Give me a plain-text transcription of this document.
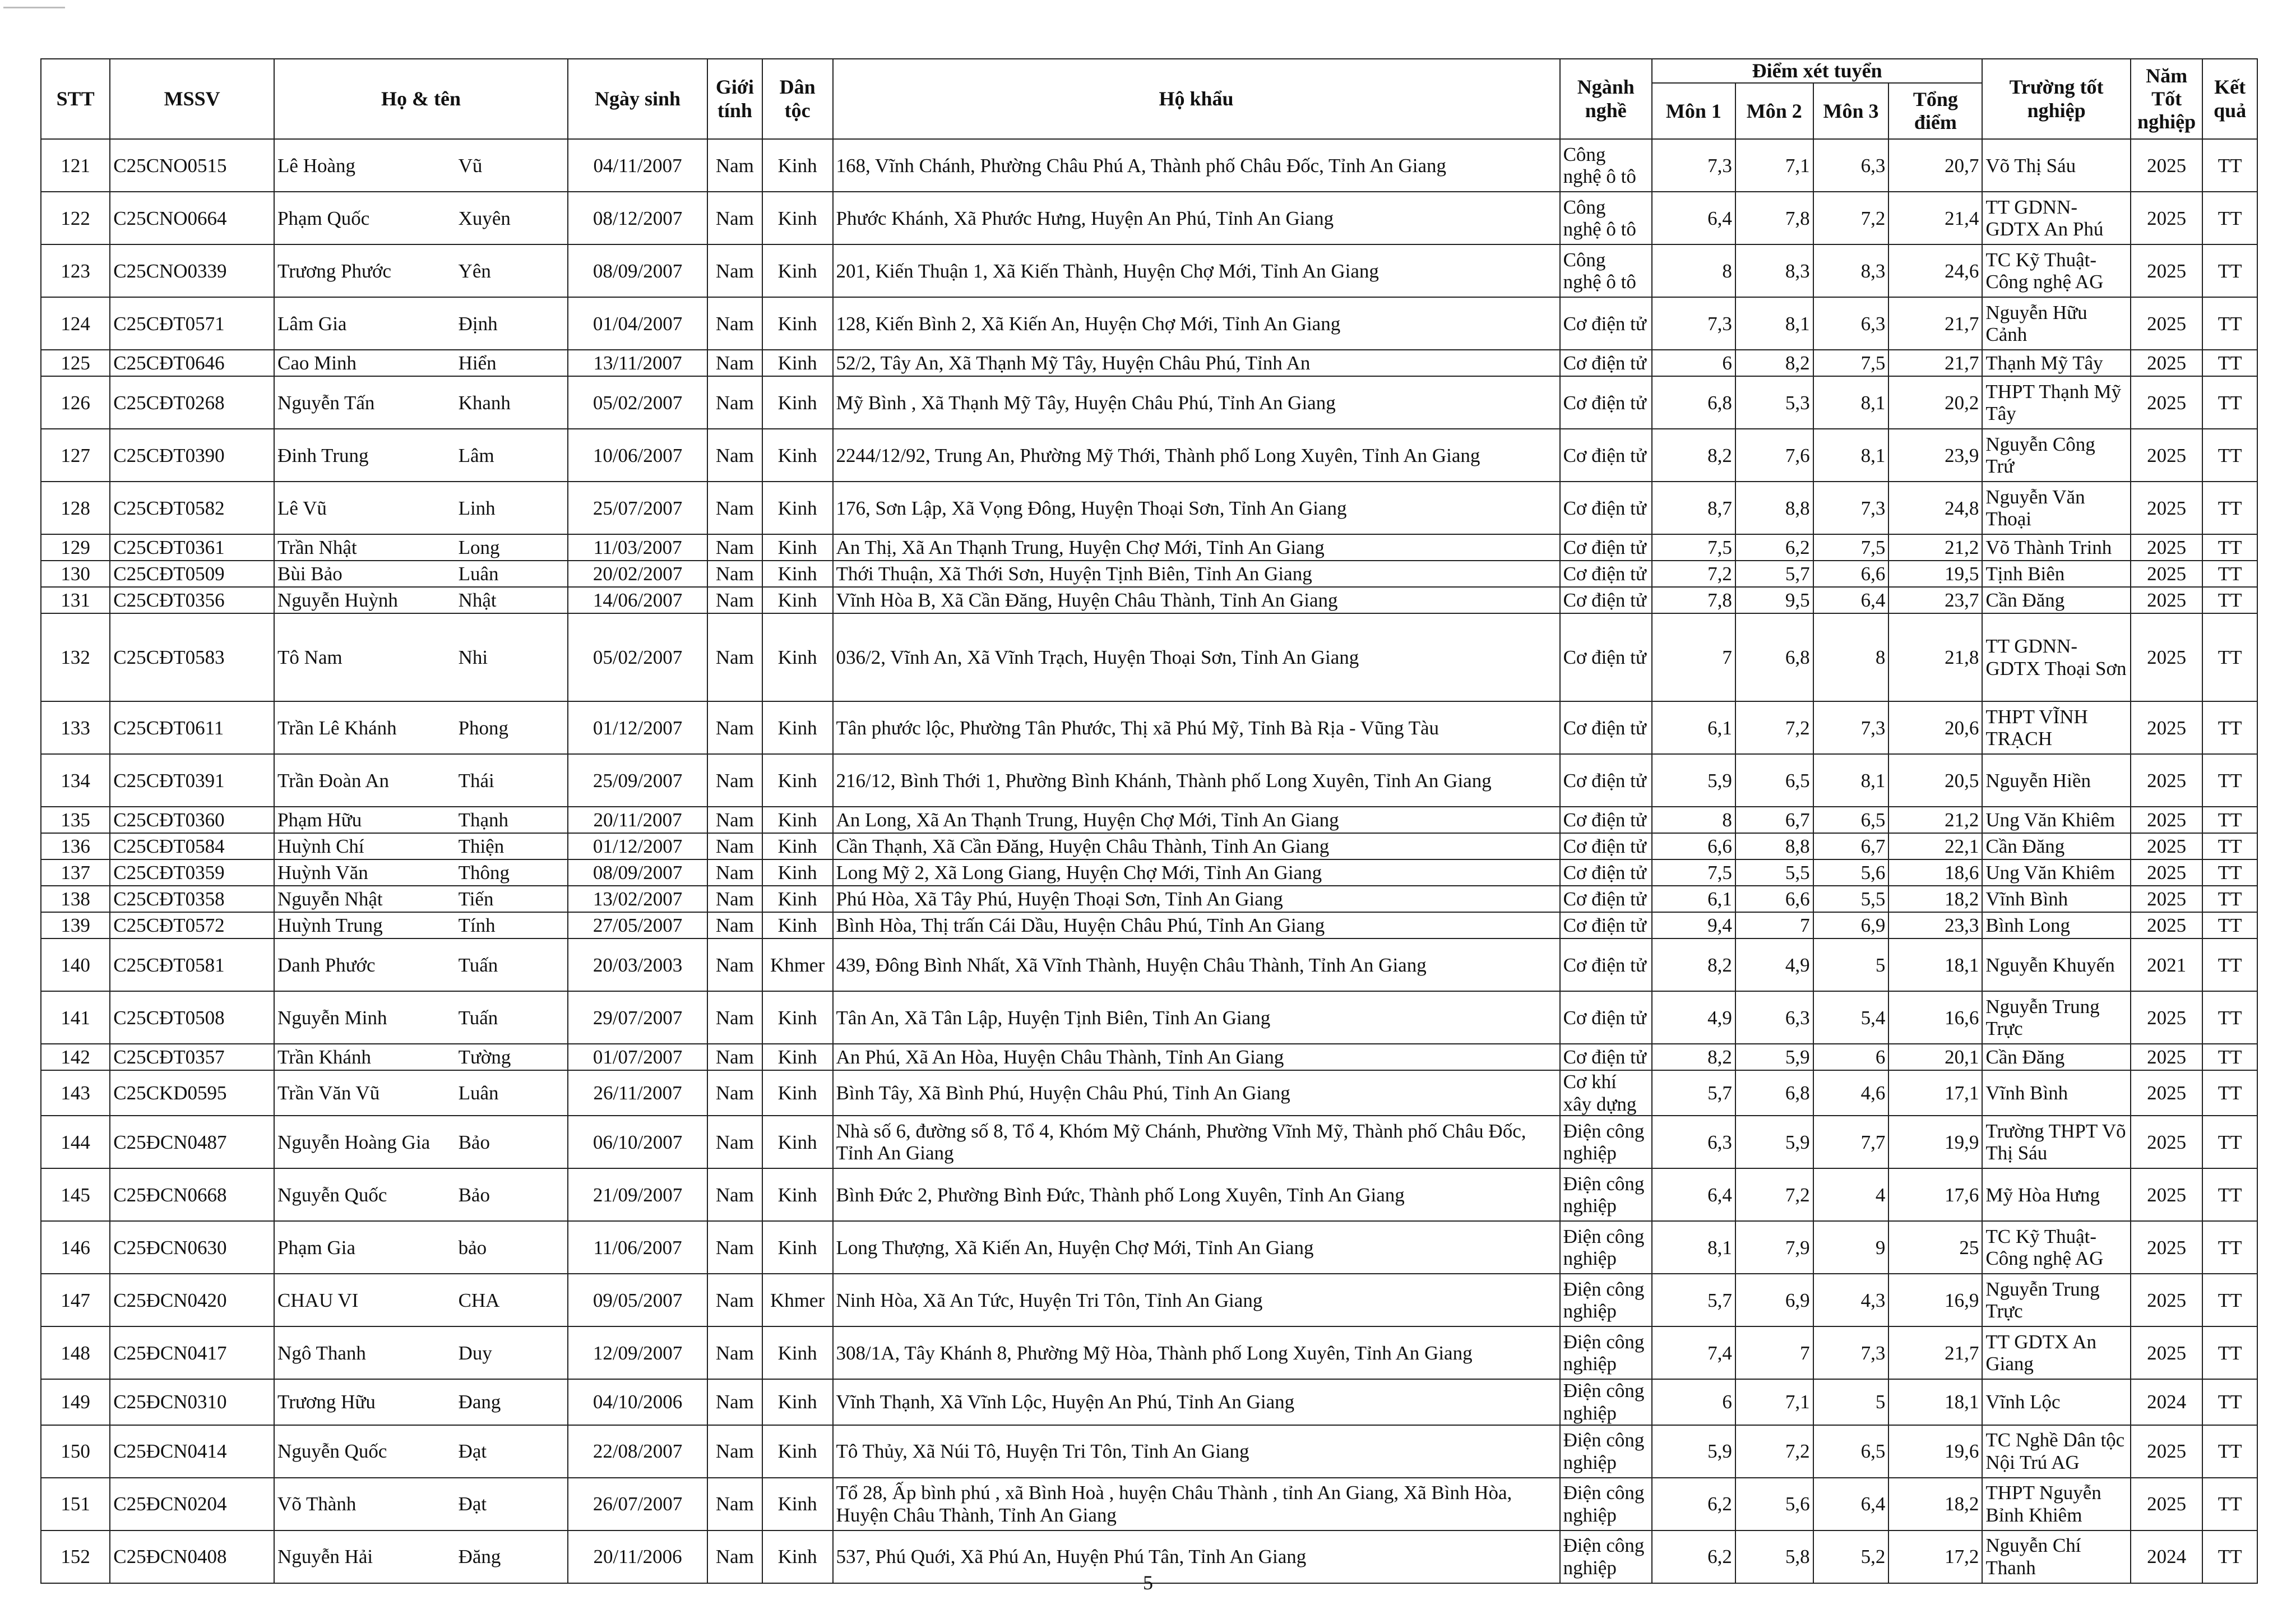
STT	MSSV	Họ & tên	Ngày sinh	Giới tính	Dân tộc	Hộ khẩu	Ngành nghề	Điểm xét tuyển				Trường tốt nghiệp	Năm Tốt nghiệp	Kết quả
								Môn 1	Môn 2	Môn 3	Tổng điểm			
121	C25CNO0515	Lê Hoàng Vũ	04/11/2007	Nam	Kinh	168, Vĩnh Chánh, Phường Châu Phú A, Thành phố Châu Đốc, Tỉnh An Giang	Công nghệ ô tô	7,3	7,1	6,3	20,7	Võ Thị Sáu	2025	TT
122	C25CNO0664	Phạm Quốc Xuyên	08/12/2007	Nam	Kinh	Phước Khánh, Xã Phước Hưng, Huyện An Phú, Tỉnh An Giang	Công nghệ ô tô	6,4	7,8	7,2	21,4	TT GDNN-GDTX An Phú	2025	TT
123	C25CNO0339	Trương Phước Yên	08/09/2007	Nam	Kinh	201, Kiến Thuận 1, Xã Kiến Thành, Huyện Chợ Mới, Tỉnh An Giang	Công nghệ ô tô	8	8,3	8,3	24,6	TC Kỹ Thuật-Công nghệ AG	2025	TT
124	C25CĐT0571	Lâm Gia Định	01/04/2007	Nam	Kinh	128, Kiến Bình 2, Xã Kiến An, Huyện Chợ Mới, Tỉnh An Giang	Cơ điện tử	7,3	8,1	6,3	21,7	Nguyễn Hữu Cảnh	2025	TT
125	C25CĐT0646	Cao Minh Hiển	13/11/2007	Nam	Kinh	52/2, Tây An, Xã Thạnh Mỹ Tây, Huyện Châu Phú, Tỉnh An	Cơ điện tử	6	8,2	7,5	21,7	Thạnh Mỹ Tây	2025	TT
126	C25CĐT0268	Nguyễn Tấn Khanh	05/02/2007	Nam	Kinh	Mỹ Bình , Xã Thạnh Mỹ Tây, Huyện Châu Phú, Tỉnh An Giang	Cơ điện tử	6,8	5,3	8,1	20,2	THPT Thạnh Mỹ Tây	2025	TT
127	C25CĐT0390	Đinh Trung Lâm	10/06/2007	Nam	Kinh	2244/12/92, Trung An, Phường Mỹ Thới, Thành phố Long Xuyên, Tỉnh An Giang	Cơ điện tử	8,2	7,6	8,1	23,9	Nguyễn Công Trứ	2025	TT
128	C25CĐT0582	Lê Vũ Linh	25/07/2007	Nam	Kinh	176, Sơn Lập, Xã Vọng Đông, Huyện Thoại Sơn, Tỉnh An Giang	Cơ điện tử	8,7	8,8	7,3	24,8	Nguyễn Văn Thoại	2025	TT
129	C25CĐT0361	Trần Nhật Long	11/03/2007	Nam	Kinh	An Thị, Xã An Thạnh Trung, Huyện Chợ Mới, Tỉnh An Giang	Cơ điện tử	7,5	6,2	7,5	21,2	Võ Thành Trinh	2025	TT
130	C25CĐT0509	Bùi Bảo Luân	20/02/2007	Nam	Kinh	Thới Thuận, Xã Thới Sơn, Huyện Tịnh Biên, Tỉnh An Giang	Cơ điện tử	7,2	5,7	6,6	19,5	Tịnh Biên	2025	TT
131	C25CĐT0356	Nguyễn Huỳnh Nhật	14/06/2007	Nam	Kinh	Vĩnh Hòa B, Xã Cần Đăng, Huyện Châu Thành, Tỉnh An Giang	Cơ điện tử	7,8	9,5	6,4	23,7	Cần Đăng	2025	TT
132	C25CĐT0583	Tô Nam Nhi	05/02/2007	Nam	Kinh	036/2, Vĩnh An, Xã Vĩnh Trạch, Huyện Thoại Sơn, Tỉnh An Giang	Cơ điện tử	7	6,8	8	21,8	TT GDNN-GDTX Thoại Sơn	2025	TT
133	C25CĐT0611	Trần Lê Khánh Phong	01/12/2007	Nam	Kinh	Tân phước lộc, Phường Tân Phước, Thị xã Phú Mỹ, Tỉnh Bà Rịa - Vũng Tàu	Cơ điện tử	6,1	7,2	7,3	20,6	THPT VĨNH TRẠCH	2025	TT
134	C25CĐT0391	Trần Đoàn An Thái	25/09/2007	Nam	Kinh	216/12, Bình Thới 1, Phường Bình Khánh, Thành phố Long Xuyên, Tỉnh An Giang	Cơ điện tử	5,9	6,5	8,1	20,5	Nguyễn Hiền	2025	TT
135	C25CĐT0360	Phạm Hữu Thạnh	20/11/2007	Nam	Kinh	An Long, Xã An Thạnh Trung, Huyện Chợ Mới, Tỉnh An Giang	Cơ điện tử	8	6,7	6,5	21,2	Ung Văn Khiêm	2025	TT
136	C25CĐT0584	Huỳnh Chí Thiện	01/12/2007	Nam	Kinh	Cần Thạnh, Xã Cần Đăng, Huyện Châu Thành, Tỉnh An Giang	Cơ điện tử	6,6	8,8	6,7	22,1	Cần Đăng	2025	TT
137	C25CĐT0359	Huỳnh Văn Thông	08/09/2007	Nam	Kinh	Long Mỹ 2, Xã Long Giang, Huyện Chợ Mới, Tỉnh An Giang	Cơ điện tử	7,5	5,5	5,6	18,6	Ung Văn Khiêm	2025	TT
138	C25CĐT0358	Nguyễn Nhật Tiến	13/02/2007	Nam	Kinh	Phú Hòa, Xã Tây Phú, Huyện Thoại Sơn, Tỉnh An Giang	Cơ điện tử	6,1	6,6	5,5	18,2	Vĩnh Bình	2025	TT
139	C25CĐT0572	Huỳnh Trung Tính	27/05/2007	Nam	Kinh	Bình Hòa, Thị trấn Cái Dầu, Huyện Châu Phú, Tỉnh An Giang	Cơ điện tử	9,4	7	6,9	23,3	Bình Long	2025	TT
140	C25CĐT0581	Danh Phước Tuấn	20/03/2003	Nam	Khmer	439, Đông Bình Nhất, Xã Vĩnh Thành, Huyện Châu Thành, Tỉnh An Giang	Cơ điện tử	8,2	4,9	5	18,1	Nguyễn Khuyến	2021	TT
141	C25CĐT0508	Nguyễn Minh Tuấn	29/07/2007	Nam	Kinh	Tân An, Xã Tân Lập, Huyện Tịnh Biên, Tỉnh An Giang	Cơ điện tử	4,9	6,3	5,4	16,6	Nguyễn Trung Trực	2025	TT
142	C25CĐT0357	Trần Khánh Tường	01/07/2007	Nam	Kinh	An Phú, Xã An Hòa, Huyện Châu Thành, Tỉnh An Giang	Cơ điện tử	8,2	5,9	6	20,1	Cần Đăng	2025	TT
143	C25CKD0595	Trần Văn Vũ Luân	26/11/2007	Nam	Kinh	Bình Tây, Xã Bình Phú, Huyện Châu Phú, Tỉnh An Giang	Cơ khí xây dựng	5,7	6,8	4,6	17,1	Vĩnh Bình	2025	TT
144	C25ĐCN0487	Nguyễn Hoàng Gia Bảo	06/10/2007	Nam	Kinh	Nhà số 6, đường số 8, Tổ 4, Khóm Mỹ Chánh, Phường Vĩnh Mỹ, Thành phố Châu Đốc, Tỉnh An Giang	Điện công nghiệp	6,3	5,9	7,7	19,9	Trường THPT Võ Thị Sáu	2025	TT
145	C25ĐCN0668	Nguyễn Quốc Bảo	21/09/2007	Nam	Kinh	Bình Đức 2, Phường Bình Đức, Thành phố Long Xuyên, Tỉnh An Giang	Điện công nghiệp	6,4	7,2	4	17,6	Mỹ Hòa Hưng	2025	TT
146	C25ĐCN0630	Phạm Gia bảo	11/06/2007	Nam	Kinh	Long Thượng, Xã Kiến An, Huyện Chợ Mới, Tỉnh An Giang	Điện công nghiệp	8,1	7,9	9	25	TC Kỹ Thuật-Công nghệ AG	2025	TT
147	C25ĐCN0420	CHAU VI CHA	09/05/2007	Nam	Khmer	Ninh Hòa, Xã An Tức, Huyện Tri Tôn, Tỉnh An Giang	Điện công nghiệp	5,7	6,9	4,3	16,9	Nguyễn Trung Trực	2025	TT
148	C25ĐCN0417	Ngô Thanh Duy	12/09/2007	Nam	Kinh	308/1A, Tây Khánh 8, Phường Mỹ Hòa, Thành phố Long Xuyên, Tỉnh An Giang	Điện công nghiệp	7,4	7	7,3	21,7	TT GDTX An Giang	2025	TT
149	C25ĐCN0310	Trương Hữu Đang	04/10/2006	Nam	Kinh	Vĩnh Thạnh, Xã Vĩnh Lộc, Huyện An Phú, Tỉnh An Giang	Điện công nghiệp	6	7,1	5	18,1	Vĩnh Lộc	2024	TT
150	C25ĐCN0414	Nguyễn Quốc Đạt	22/08/2007	Nam	Kinh	Tô Thủy, Xã Núi Tô, Huyện Tri Tôn, Tỉnh An Giang	Điện công nghiệp	5,9	7,2	6,5	19,6	TC Nghề Dân tộc Nội Trú AG	2025	TT
151	C25ĐCN0204	Võ Thành Đạt	26/07/2007	Nam	Kinh	Tổ 28, Ấp bình phú , xã Bình Hoà , huyện Châu Thành , tỉnh An Giang, Xã Bình Hòa, Huyện Châu Thành, Tỉnh An Giang	Điện công nghiệp	6,2	5,6	6,4	18,2	THPT Nguyễn Bỉnh Khiêm	2025	TT
152	C25ĐCN0408	Nguyễn Hải Đăng	20/11/2006	Nam	Kinh	537, Phú Quới, Xã Phú An, Huyện Phú Tân, Tỉnh An Giang	Điện công nghiệp	6,2	5,8	5,2	17,2	Nguyễn Chí Thanh	2024	TT
5
